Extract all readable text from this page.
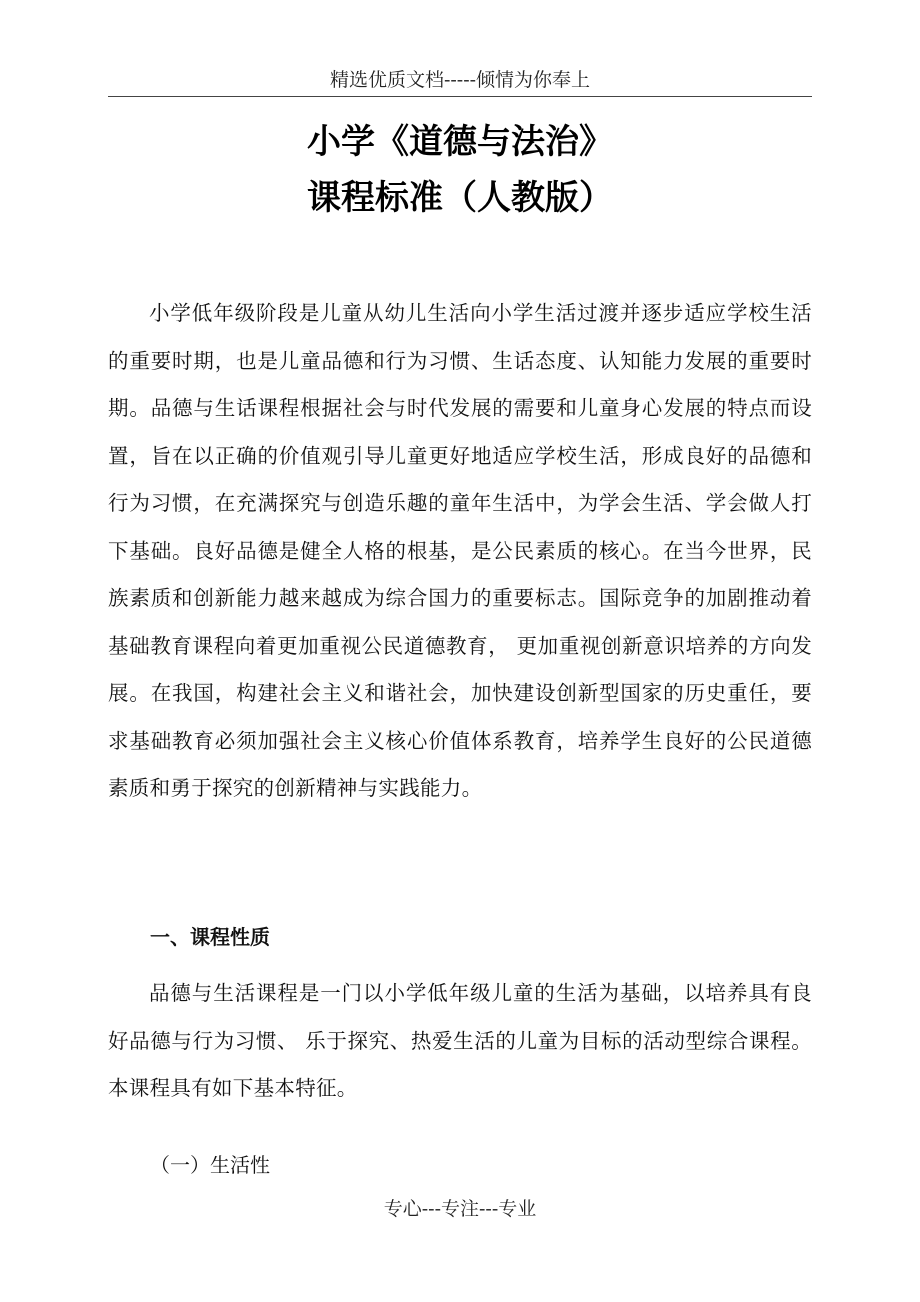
精选优质文档-----倾情为你奉上
小学《道德与法治》
课程标准（人教版）
小学低年级阶段是儿童从幼儿生活向小学生活过渡并逐步适应学校生活的重要时期，也是儿童品德和行为习惯、生话态度、认知能力发展的重要时期。品德与生话课程根据社会与时代发展的需要和儿童身心发展的特点而设置，旨在以正确的价值观引导儿童更好地适应学校生活，形成良好的品德和行为习惯，在充满探究与创造乐趣的童年生活中，为学会生活、学会做人打下基础。良好品德是健全人格的根基，是公民素质的核心。在当今世界，民族素质和创新能力越来越成为综合国力的重要标志。国际竞争的加剧推动着基础教育课程向着更加重视公民道德教育， 更加重视创新意识培养的方向发展。在我国，构建社会主义和谐社会，加快建设创新型国家的历史重任，要求基础教育必须加强社会主义核心价值体系教育，培养学生良好的公民道德素质和勇于探究的创新精神与实践能力。
一、课程性质
品德与生活课程是一门以小学低年级儿童的生活为基础，以培养具有良好品德与行为习惯、 乐于探究、热爱生活的儿童为目标的活动型综合课程。本课程具有如下基本特征。
（一）生活性
专心---专注---专业
